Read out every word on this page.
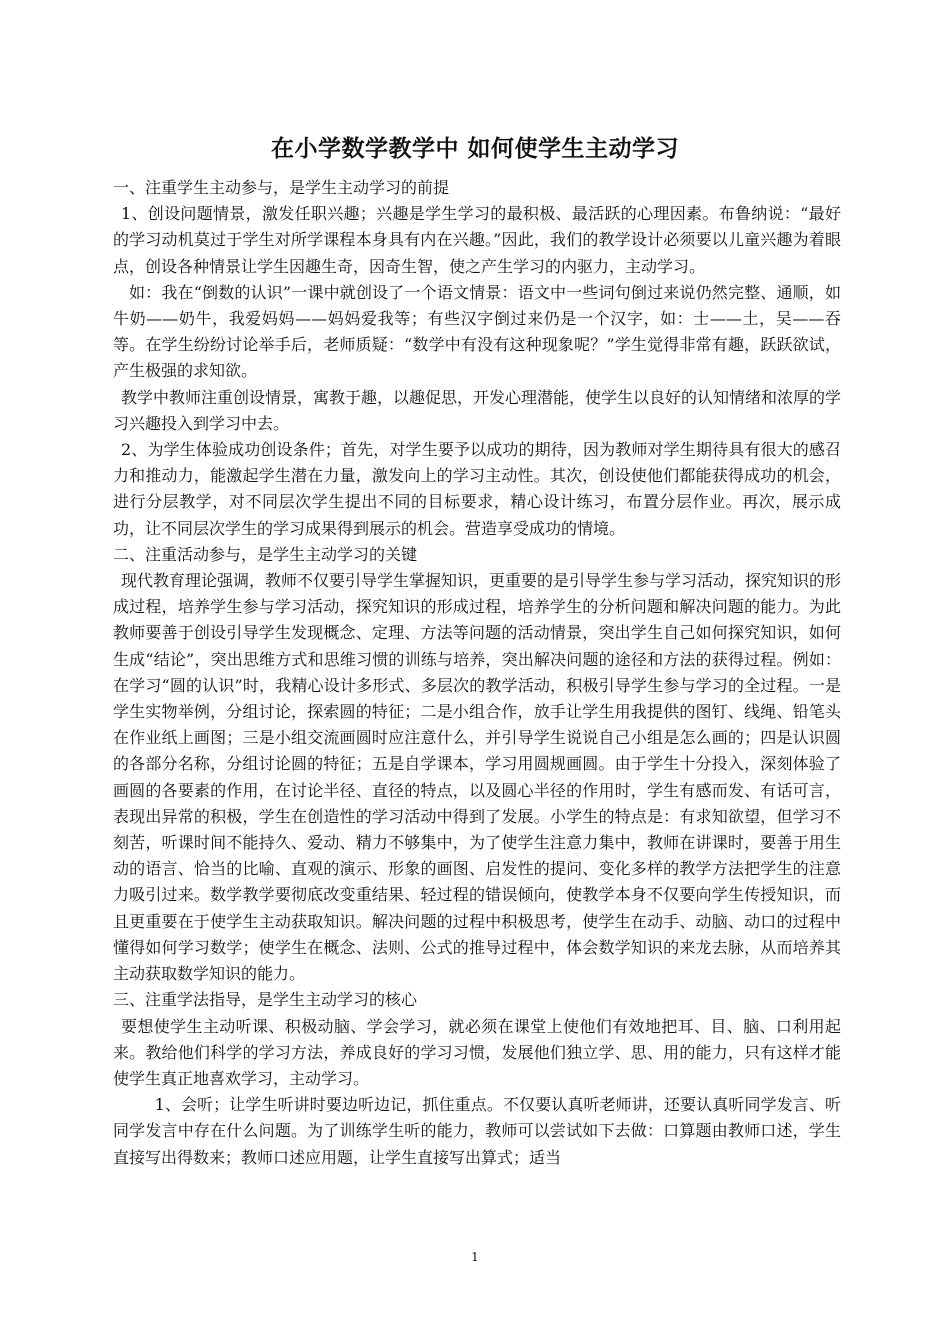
在小学数学教学中 如何使学生主动学习

一、注重学生主动参与，是学生主动学习的前提

1、创设问题情景，激发任职兴趣；兴趣是学生学习的最积极、最活跃的心理因素。布鲁纳说：“最好的学习动机莫过于学生对所学课程本身具有内在兴趣。”因此，我们的教学设计必须要以儿童兴趣为着眼点，创设各种情景让学生因趣生奇，因奇生智，使之产生学习的内驱力，主动学习。

如：我在“倒数的认识”一课中就创设了一个语文情景：语文中一些词句倒过来说仍然完整、通顺，如牛奶——奶牛，我爱妈妈——妈妈爱我等；有些汉字倒过来仍是一个汉字，如：士——土，吴——吞等。在学生纷纷讨论举手后，老师质疑：“数学中有没有这种现象呢？”学生觉得非常有趣，跃跃欲试，产生极强的求知欲。

教学中教师注重创设情景，寓教于趣，以趣促思，开发心理潜能，使学生以良好的认知情绪和浓厚的学习兴趣投入到学习中去。

2、为学生体验成功创设条件；首先，对学生要予以成功的期待，因为教师对学生期待具有很大的感召力和推动力，能激起学生潜在力量，激发向上的学习主动性。其次，创设使他们都能获得成功的机会，进行分层教学，对不同层次学生提出不同的目标要求，精心设计练习，布置分层作业。再次，展示成功，让不同层次学生的学习成果得到展示的机会。营造享受成功的情境。

二、注重活动参与，是学生主动学习的关键

现代教育理论强调，教师不仅要引导学生掌握知识，更重要的是引导学生参与学习活动，探究知识的形成过程，培养学生参与学习活动，探究知识的形成过程，培养学生的分析问题和解决问题的能力。为此教师要善于创设引导学生发现概念、定理、方法等问题的活动情景，突出学生自己如何探究知识，如何生成“结论”，突出思维方式和思维习惯的训练与培养，突出解决问题的途径和方法的获得过程。例如：在学习“圆的认识”时，我精心设计多形式、多层次的教学活动，积极引导学生参与学习的全过程。一是学生实物举例，分组讨论，探索圆的特征；二是小组合作，放手让学生用我提供的图钉、线绳、铅笔头在作业纸上画图；三是小组交流画圆时应注意什么，并引导学生说说自己小组是怎么画的；四是认识圆的各部分名称，分组讨论圆的特征；五是自学课本，学习用圆规画圆。由于学生十分投入，深刻体验了画圆的各要素的作用，在讨论半径、直径的特点，以及圆心半径的作用时，学生有感而发、有话可言，表现出异常的积极，学生在创造性的学习活动中得到了发展。小学生的特点是：有求知欲望，但学习不刻苦，听课时间不能持久、爱动、精力不够集中，为了使学生注意力集中，教师在讲课时，要善于用生动的语言、恰当的比喻、直观的演示、形象的画图、启发性的提问、变化多样的教学方法把学生的注意力吸引过来。数学教学要彻底改变重结果、轻过程的错误倾向，使教学本身不仅要向学生传授知识，而且更重要在于使学生主动获取知识。解决问题的过程中积极思考，使学生在动手、动脑、动口的过程中懂得如何学习数学；使学生在概念、法则、公式的推导过程中，体会数学知识的来龙去脉，从而培养其主动获取数学知识的能力。

三、注重学法指导，是学生主动学习的核心

要想使学生主动听课、积极动脑、学会学习，就必须在课堂上使他们有效地把耳、目、脑、口利用起来。教给他们科学的学习方法，养成良好的学习习惯，发展他们独立学、思、用的能力，只有这样才能使学生真正地喜欢学习，主动学习。

1、会听；让学生听讲时要边听边记，抓住重点。不仅要认真听老师讲，还要认真听同学发言、听同学发言中存在什么问题。为了训练学生听的能力，教师可以尝试如下去做：口算题由教师口述，学生直接写出得数来；教师口述应用题，让学生直接写出算式；适当

1
